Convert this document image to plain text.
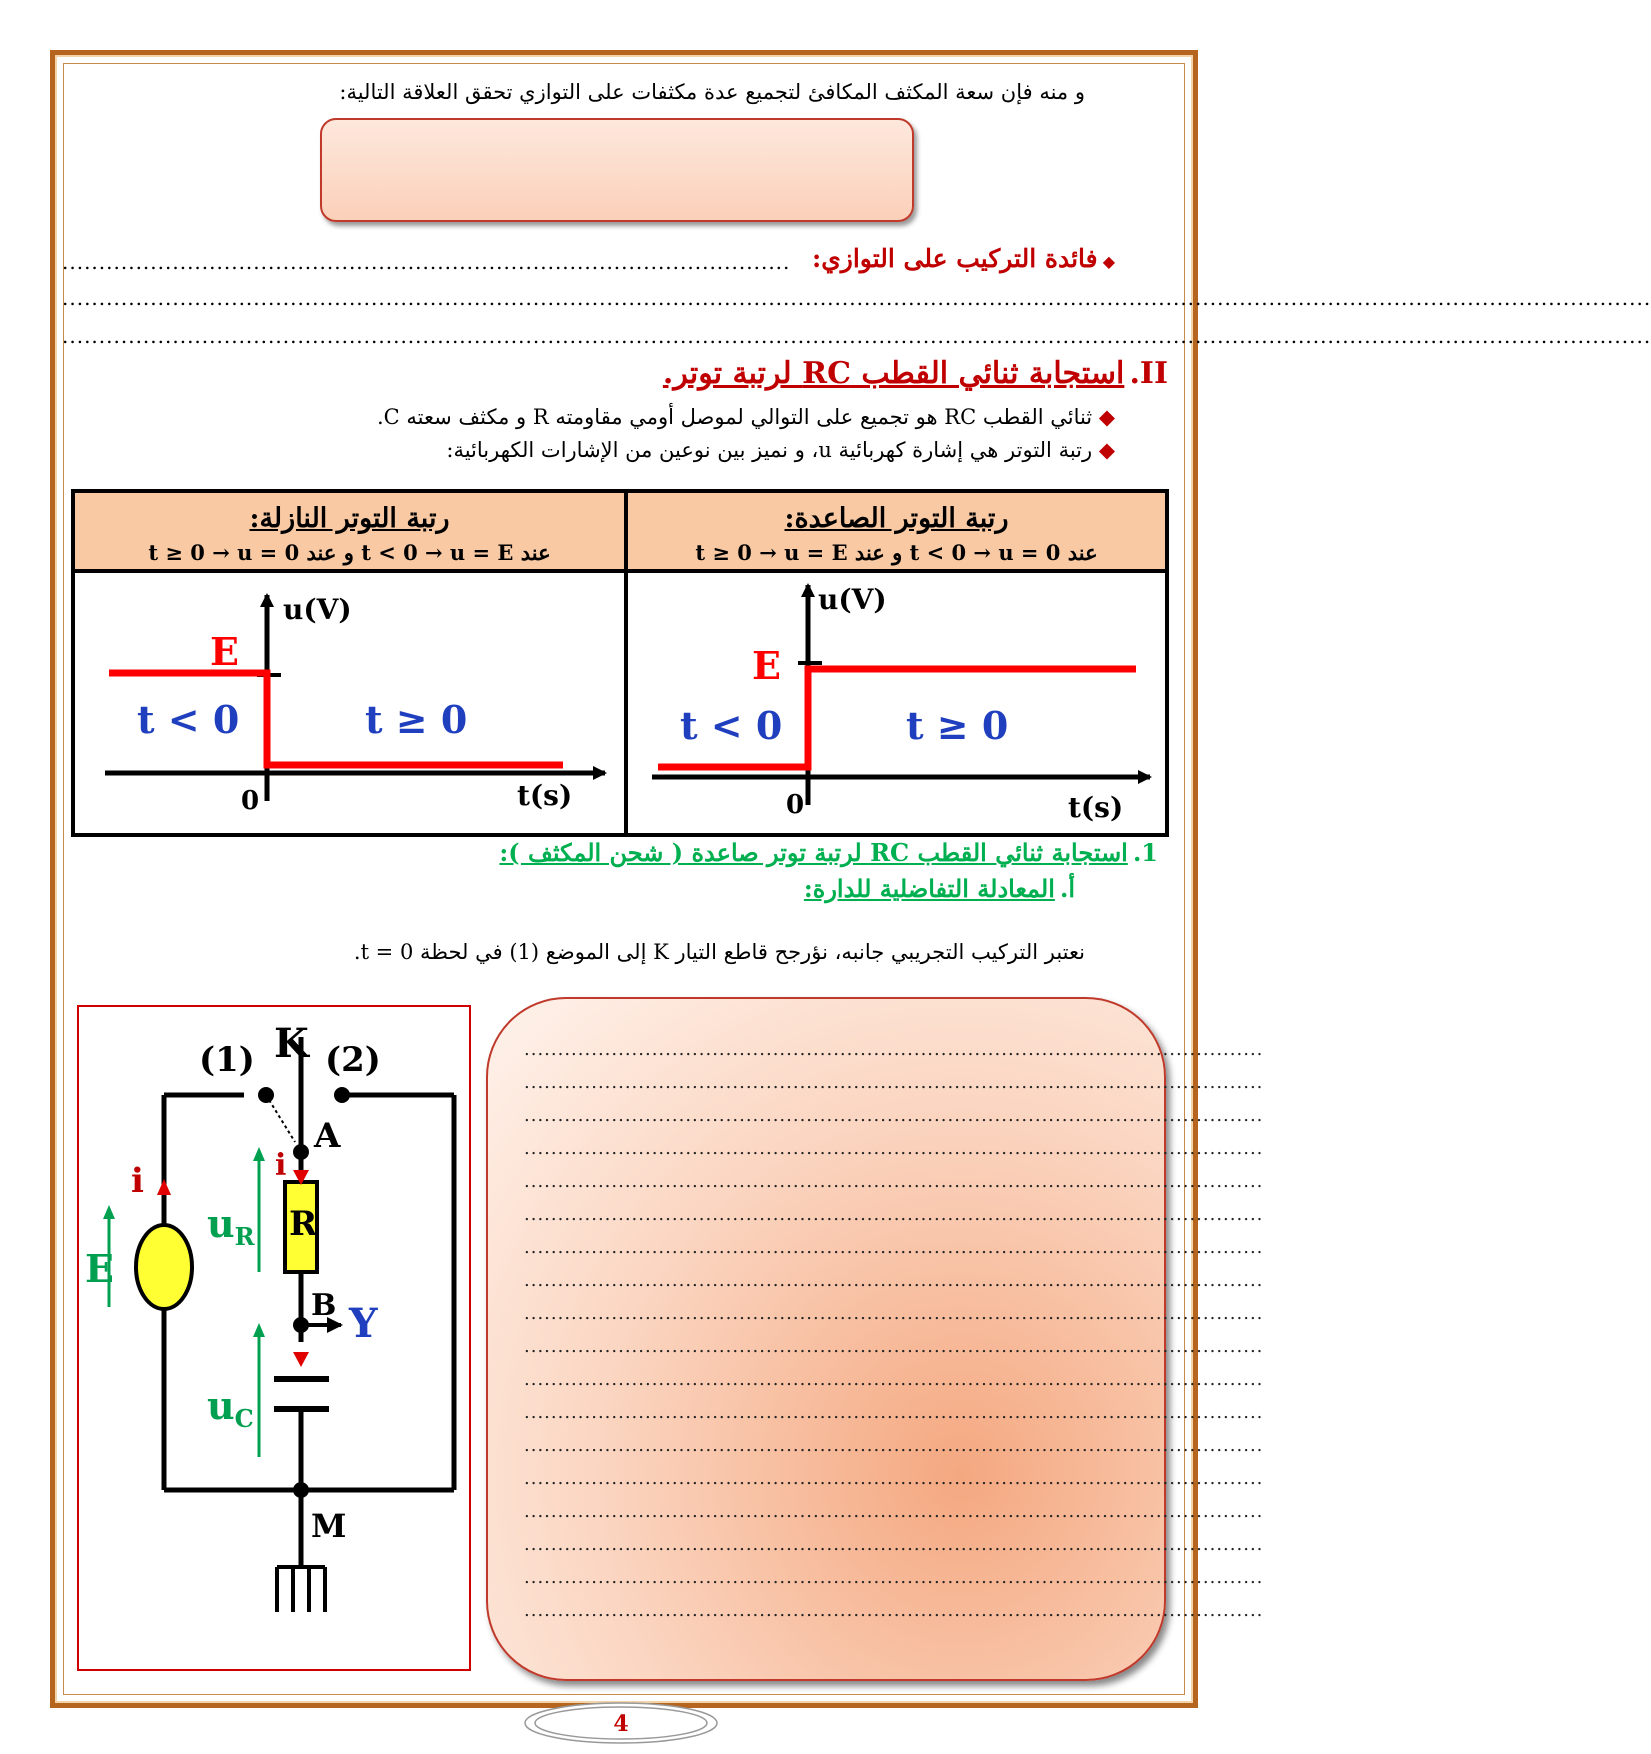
و منه فإن سعة المكثف المكافئ لتجميع عدة مكثفات على التوازي تحقق العلاقة التالية:
◆ فائدة التركيب على التوازي:
...................................................................................................
........................................................................................................................................................................................................................
........................................................................................................................................................................................................................
II. استجابة ثنائي القطب RC لرتبة توتر.
◆ ثنائي القطب RC هو تجميع على التوالي لموصل أومي مقاومته R و مكثف سعته C.
◆ رتبة التوتر هي إشارة كهربائية u، و نميز بين نوعين من الإشارات الكهربائية:
رتبة التوتر الصاعدة:
عند t < 0 → u = 0 و عند t ≥ 0 → u = E
رتبة التوتر النازلة:
عند t < 0 → u = E و عند t ≥ 0 → u = 0
u(V)
E
t < 0	t ≥ 0
0	t(s)
u(V)
E
t < 0	t ≥ 0
0	t(s)
1. استجابة ثنائي القطب RC لرتبة توتر صاعدة ( شحن المكثف ):
أ. المعادلة التفاضلية للدارة:
نعتبر التركيب التجريبي جانبه، نؤرجح قاطع التيار K إلى الموضع (1) في لحظة t = 0.
K
(1) (2)
A
R
B Y
M
E
i	i
$u_R$
$u_C$
..............................................................................................................
..............................................................................................................
..............................................................................................................
..............................................................................................................
..............................................................................................................
..............................................................................................................
..............................................................................................................
..............................................................................................................
..............................................................................................................
..............................................................................................................
..............................................................................................................
..............................................................................................................
..............................................................................................................
..............................................................................................................
..............................................................................................................
..............................................................................................................
..............................................................................................................
..............................................................................................................
4
